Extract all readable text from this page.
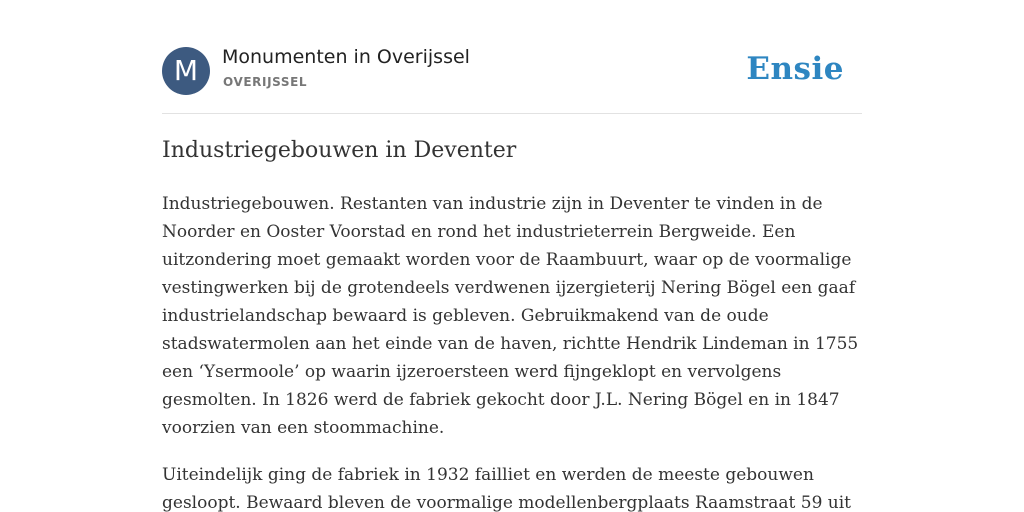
M	Monumenten in Overijssel
OVERIJSSEL	Ensie
Industriegebouwen in Deventer

Industriegebouwen. Restanten van industrie zijn in Deventer te vinden in de
Noorder en Ooster Voorstad en rond het industrieterrein Bergweide. Een
uitzondering moet gemaakt worden voor de Raambuurt, waar op de voormalige
vestingwerken bij de grotendeels verdwenen ijzergieterij Nering Bögel een gaaf
industrielandschap bewaard is gebleven. Gebruikmakend van de oude
stadswatermolen aan het einde van de haven, richtte Hendrik Lindeman in 1755
een ‘Ysermoole’ op waarin ijzeroersteen werd fijngeklopt en vervolgens
gesmolten. In 1826 werd de fabriek gekocht door J.L. Nering Bögel en in 1847
voorzien van een stoommachine.

Uiteindelijk ging de fabriek in 1932 failliet en werden de meeste gebouwen
gesloopt. Bewaard bleven de voormalige modellenbergplaats Raamstraat 59 uit
